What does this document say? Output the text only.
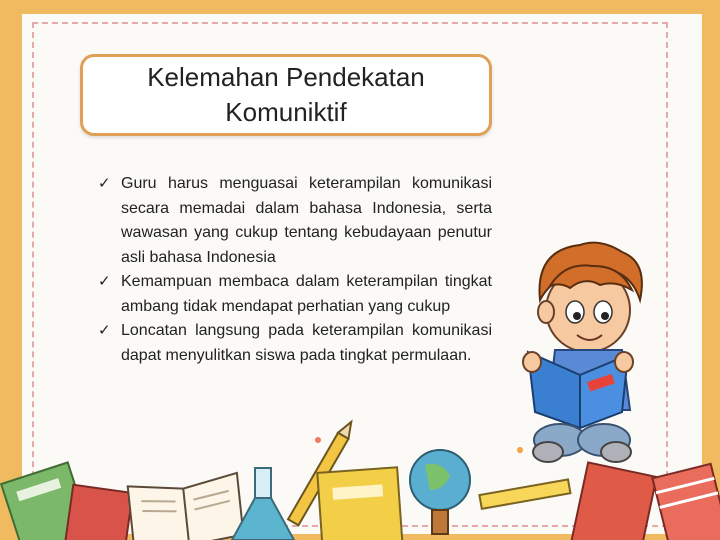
Kelemahan Pendekatan Komuniktif
✓ Guru harus menguasai keterampilan komunikasi secara memadai dalam bahasa Indonesia, serta wawasan yang cukup tentang kebudayaan penutur asli bahasa Indonesia
✓ Kemampuan membaca dalam keterampilan tingkat ambang tidak mendapat perhatian yang cukup
✓ Loncatan langsung pada keterampilan komunikasi dapat menyulitkan siswa pada tingkat permulaan.
